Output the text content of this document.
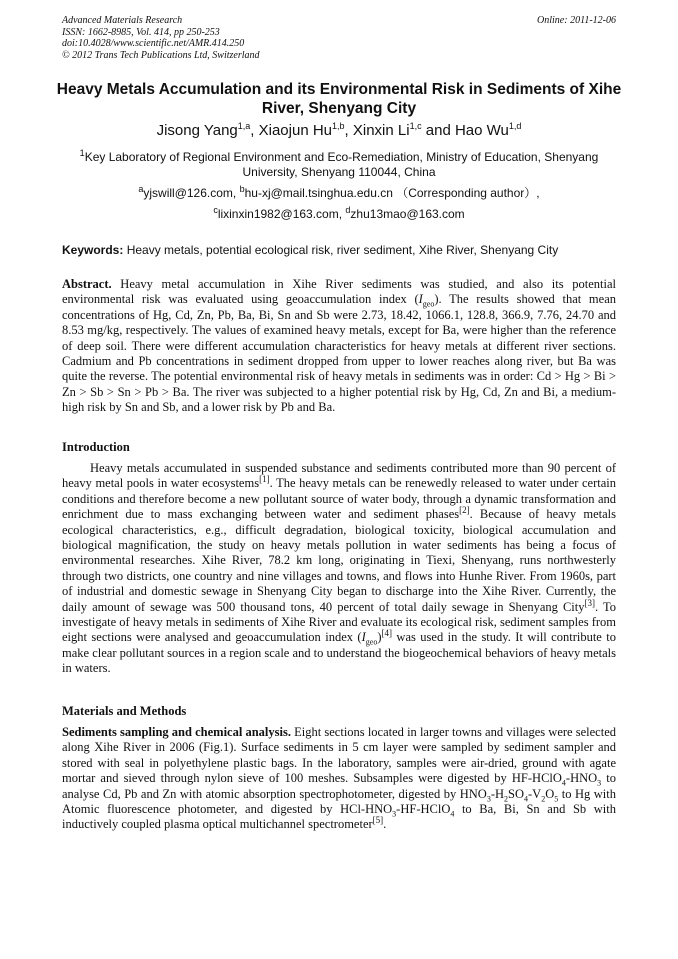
Advanced Materials Research
ISSN: 1662-8985, Vol. 414, pp 250-253
doi:10.4028/www.scientific.net/AMR.414.250
© 2012 Trans Tech Publications Ltd, Switzerland
Online: 2011-12-06
Heavy Metals Accumulation and its Environmental Risk in Sediments of Xihe River, Shenyang City
Jisong Yang$^{1,a}$, Xiaojun Hu$^{1,b}$, Xinxin Li$^{1,c}$ and Hao Wu$^{1,d}$
$^1$Key Laboratory of Regional Environment and Eco-Remediation, Ministry of Education, Shenyang University, Shenyang 110044, China
$^a$yjswill@126.com, $^b$hu-xj@mail.tsinghua.edu.cn （Corresponding author）,
$^c$lixinxin1982@163.com, $^d$zhu13mao@163.com
Keywords: Heavy metals, potential ecological risk, river sediment, Xihe River, Shenyang City
Abstract. Heavy metal accumulation in Xihe River sediments was studied, and also its potential environmental risk was evaluated using geoaccumulation index $(I_{geo})$. The results showed that mean concentrations of Hg, Cd, Zn, Pb, Ba, Bi, Sn and Sb were 2.73, 18.42, 1066.1, 128.8, 366.9, 7.76, 24.70 and 8.53 mg/kg, respectively. The values of examined heavy metals, except for Ba, were higher than the reference of deep soil. There were different accumulation characteristics for heavy metals at different river sections. Cadmium and Pb concentrations in sediment dropped from upper to lower reaches along river, but Ba was quite the reverse. The potential environmental risk of heavy metals in sediments was in order: Cd > Hg > Bi > Zn > Sb > Sn > Pb > Ba. The river was subjected to a higher potential risk by Hg, Cd, Zn and Bi, a medium-high risk by Sn and Sb, and a lower risk by Pb and Ba.
Introduction
Heavy metals accumulated in suspended substance and sediments contributed more than 90 percent of heavy metal pools in water ecosystems[1]. The heavy metals can be renewedly released to water under certain conditions and therefore become a new pollutant source of water body, through a dynamic transformation and enrichment due to mass exchanging between water and sediment phases[2]. Because of heavy metals ecological characteristics, e.g., difficult degradation, biological toxicity, biological accumulation and biological magnification, the study on heavy metals pollution in water sediments has being a focus of environmental researches. Xihe River, 78.2 km long, originating in Tiexi, Shenyang, runs northwesterly through two districts, one country and nine villages and towns, and flows into Hunhe River. From 1960s, part of industrial and domestic sewage in Shenyang City began to discharge into the Xihe River. Currently, the daily amount of sewage was 500 thousand tons, 40 percent of total daily sewage in Shenyang City[3]. To investigate of heavy metals in sediments of Xihe River and evaluate its ecological risk, sediment samples from eight sections were analysed and geoaccumulation index $(I_{geo})[4]$ was used in the study. It will contribute to make clear pollutant sources in a region scale and to understand the biogeochemical behaviors of heavy metals in waters.
Materials and Methods
Sediments sampling and chemical analysis. Eight sections located in larger towns and villages were selected along Xihe River in 2006 (Fig.1). Surface sediments in 5 cm layer were sampled by sediment sampler and stored with seal in polyethylene plastic bags. In the laboratory, samples were air-dried, ground with agate mortar and sieved through nylon sieve of 100 meshes. Subsamples were digested by $HF-HClO_4-HNO_3$ to analyse Cd, Pb and Zn with atomic absorption spectrophotometer, digested by $HNO_3-H_2SO_4-V_2O_5$ to Hg with Atomic fluorescence photometer, and digested by HCl-$HNO_3-HF-HClO_4$ to Ba, Bi, Sn and Sb with inductively coupled plasma optical multichannel spectrometer[5].
